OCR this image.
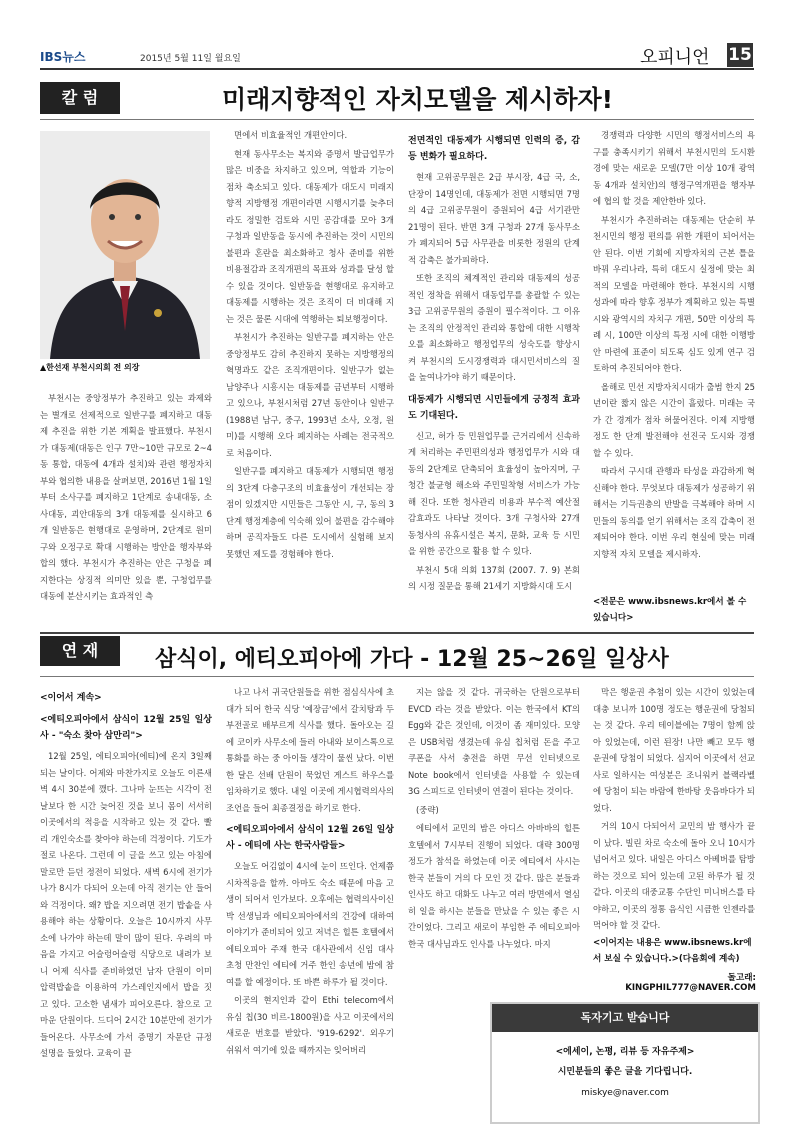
IBS뉴스	2015년 5월 11일 월요일	오피니언 15
칼 럼	미래지향적인 자치모델을 제시하자!
▲한선재 부천시의회 전 의장

부천시는 중앙정부가 추진하고 있는 과제와는 별개로 선제적으로 일반구를 폐지하고 대동제 추진을 위한 기본 계획을 발표했다. 부천시가 대동제(대동은 인구 7만~10만 규모로 2~4동 통합, 대동에 4개과 설치)와 관련 행정자치부와 협의한 내용을 살펴보면, 2016년 1월 1일부터 소사구를 폐지하고 1단계로 송내대동, 소사대동, 괴안대동의 3개 대동제를 실시하고 6개 일반동은 현행대로 운영하며, 2단계로 원미구와 오정구로 확대 시행하는 방안을 행자부와 합의 했다. 부천시가 추진하는 안은 구청을 폐지한다는 상징적 의미만 있을 뿐, 구청업무를 대동에 분산시키는 효과적인 측

면에서 비효율적인 개편안이다.

현재 동사무소는 복지와 증명서 발급업무가 많은 비중을 차지하고 있으며, 역할과 기능이 점차 축소되고 있다. 대동제가 대도시 미래지향적 지방행정 개편이라면 시행시기를 늦추더라도 정밀한 검토와 시민 공감대를 모아 3개 구청과 일반동을 동시에 추진하는 것이 시민의 불편과 혼란을 최소화하고 청사 준비를 위한 비용절감과 조직개편의 목표와 성과를 달성 할 수 있을 것이다. 일반동을 현행대로 유지하고 대동제를 시행하는 것은 조직이 더 비대해 지는 것은 물론 시대에 역행하는 퇴보행정이다.

부천시가 추진하는 일반구를 폐지하는 안은 중앙정부도 감히 추진하지 못하는 지방행정의 혁명과도 같은 조직개편이다. 일반구가 없는 남양주나 시흥시는 대동제를 금년부터 시행하고 있으나, 부천시처럼 27년 동안이나 일반구(1988년 남구, 중구, 1993년 소사, 오정, 원미)를 시행해 오다 폐지하는 사례는 전국적으로 처음이다.

일반구를 폐지하고 대동제가 시행되면 행정의 3단계 다층구조의 비효율성이 개선되는 장점이 있겠지만 시민들은 그동안 시, 구, 동의 3단계 행정계층에 익숙해 있어 불편을 감수해야 하며 공직자들도 다른 도시에서 실험해 보지 못했던 제도를 경험해야 한다.

전면적인 대동제가 시행되면 인력의 증, 감 등 변화가 필요하다.

현재 고위공무원은 2급 부시장, 4급 국, 소, 단장이 14명인데, 대동제가 전면 시행되면 7명의 4급 고위공무원이 증원되어 4급 서기관만 21명이 된다. 반면 3개 구청과 27개 동사무소가 폐지되어 5급 사무관을 비롯한 정원의 단계적 감축은 불가피하다.

또한 조직의 체계적인 관리와 대동제의 성공적인 정착을 위해서 대동업무를 총괄할 수 있는 3급 고위공무원의 증원이 필수적이다. 그 이유는 조직의 안정적인 관리와 통합에 대한 시행착오를 최소화하고 행정업무의 성숙도를 향상시켜 부천시의 도시경쟁력과 대시민서비스의 질을 높여나가야 하기 때문이다.

대동제가 시행되면 시민들에게 긍정적 효과도 기대된다.

신고, 허가 등 민원업무를 근거리에서 신속하게 처리하는 주민편의성과 행정업무가 시와 대동의 2단계로 단축되어 효율성이 높아지며, 구청간 불균형 해소와 주민밀착형 서비스가 가능해 진다. 또한 청사관리 비용과 부수적 예산절감효과도 나타날 것이다. 3개 구청사와 27개 동청사의 유휴시설은 복지, 문화, 교육 등 시민을 위한 공간으로 활용 할 수 있다.

부천시 5대 의회 137회 (2007. 7. 9) 본회의 시정 질문을 통해 21세기 지방화시대 도시

경쟁력과 다양한 시민의 행정서비스의 욕구를 충족시키기 위해서 부천시민의 도시환경에 맞는 새로운 모델(7만 이상 10개 광역동 4개과 설치안)의 행정구역개편을 행자부에 협의 할 것을 제안한바 있다.

부천시가 추진하려는 대동제는 단순히 부천시민의 행정 편의를 위한 개편이 되어서는 안 된다. 이번 기회에 지방자치의 근본 틀을 바꿔 우리나라, 특히 대도시 실정에 맞는 최적의 모델을 마련해야 한다. 부천시의 시행 성과에 따라 향후 정부가 계획하고 있는 특별시와 광역시의 자치구 개편, 50만 이상의 특례 시, 100만 이상의 특정 시에 대한 이행방안 마련에 표준이 되도록 심도 있게 연구 검토하여 추진되어야 한다.

올해로 민선 지방자치시대가 출범 한지 25년이란 짧지 않은 시간이 흘렀다. 미래는 국가 간 경계가 점차 허물어진다. 이제 지방행정도 한 단계 발전해야 선진국 도시와 경쟁 할 수 있다.

따라서 구시대 관행과 타성을 과감하게 혁신해야 한다. 무엇보다 대동제가 성공하기 위해서는 기득권층의 반발을 극복해야 하며 시민들의 동의를 얻기 위해서는 조직 갑축이 전제되어야 한다. 이번 우리 현실에 맞는 미래지향적 자치 모델을 제시하자.

<전문은 www.ibsnews.kr에서 볼 수 있습니다>
연 재	삼식이, 에티오피아에 가다 - 12월 25~26일 일상사

<이어서 계속>

<에티오피아에서 삼식이 12월 25일 일상사 - "숙소 찾아 삼만리">

12월 25일, 에티오피아(에티)에 온지 3일째 되는 날이다. 어제와 마찬가지로 오늘도 이른새벽 4시 30분에 깼다. 그나마 눈뜨는 시각이 전날보다 한 시간 늦어진 것을 보니 몸이 서서히 이곳에서의 적응을 시작하고 있는 것 같다. 빨리 개인숙소를 찾아야 하는데 걱정이다. 기도가 절로 나온다. 그런데 이 글을 쓰고 있는 아침에 말로만 듣던 정전이 되었다. 새벽 6시에 전기가 나가 8시가 다되어 오는데 아직 전기는 안 들어와 걱정이다. 왜? 밥을 지으려면 전기 밥솥을 사용해야 하는 상황이다. 오늘은 10시까지 사무소에 나가야 하는데 말이 많이 된다. 우려의 마음을 가지고 어슬렁어슬렁 식당으로 내려가 보니 어제 식사를 준비하였던 남자 단원이 이미 압력밥솥을 이용하여 가스레인지에서 밥을 짓고 있다. 고소한 냄새가 피어오른다. 참으로 고마운 단원이다. 드디어 2시간 10분만에 전기가 들어온다. 사무소에 가서 증명기 자문단 규정 설명을 들었다. 교육이 끝

나고 나서 귀국단원들을 위한 점심식사에 초대가 되어 한국 식당 '예장금'에서 갈치탕과 두부전골로 배부르게 식사를 했다. 돌아오는 길에 코이카 사무소에 들러 아내와 보이스톡으로 통화를 하는 중 아이들 생각이 물씬 났다. 이번 한 달은 선배 단원이 묵었던 게스트 하우스를 임차하기로 했다. 내일 이곳에 게시협력의사의 조언을 들어 최종결정을 하기로 한다.

<에티오피아에서 삼식이 12월 26일 일상사 - 에티에 사는 한국사람들>

오늘도 어김없이 4시에 눈이 뜨인다. 언제쯤 시차적응을 할까. 아마도 숙소 때문에 마음 고생이 되어서 인가보다. 오후에는 협력의사이신 박 선생님과 에티오피아에서의 건강에 대하여 이야기가 준비되어 있고 저녁은 힐튼 호텔에서 에티오피아 주재 한국 대사관에서 신임 대사 초청 만찬인 에티에 거주 한인 송년에 밤에 참여를 할 예정이다. 또 바쁜 하루가 될 것이다.

이곳의 현지인과 같이 Ethi telecom에서 유심 칩(30 비르-1800원)을 사고 이곳에서의 새로운 번호를 받았다. '919-6292'. 외우기 쉬워서 여기에 있을 때까지는 잊어버리

지는 않을 것 같다. 귀국하는 단원으로부터 EVCD 라는 것을 받았다. 이는 한국에서 KT의 Egg와 같은 것인데, 이것이 좀 재미있다. 모양은 USB처럼 생겼는데 유심 칩처럼 돈을 주고 쿠폰을 사서 충전을 하면 무선 인터넷으로 Note book에서 인터넷을 사용할 수 있는데 3G 스피드로 인터넷이 연결이 된다는 것이다.

(중략)

에티에서 교민의 밤은 아디스 아바바의 힐튼 호텔에서 7시부터 진행이 되었다. 대략 300명 정도가 참석을 하였는데 이곳 에티에서 사시는 한국 분들이 거의 다 모인 것 같다. 많은 분들과 인사도 하고 대화도 나누고 여러 방면에서 열심히 일을 하시는 분들을 만났을 수 있는 좋은 시간이었다. 그리고 새로이 부임한 주 에티오피아 한국 대사님과도 인사를 나누었다. 마지

막은 행운권 추첨이 있는 시간이 있었는데 대충 보니까 100명 정도는 행운권에 당첨되는 것 같다. 우리 테이블에는 7명이 함께 앉아 있었는데, 이런 된장! 나만 빼고 모두 행운권에 당첨이 되었다. 심지어 이곳에서 선교사로 일하시는 여성분은 조니워커 블랙라벨에 당첨이 되는 바람에 한바탕 웃음바다가 되었다.

거의 10시 다되어서 교민의 밤 행사가 끝이 났다. 빌린 차로 숙소에 돌아 오니 10시가 넘어서고 있다. 내일은 아디스 아베버를 탐방하는 것으로 되어 있는데 고된 하루가 될 것 같다. 이곳의 대중교통 수단인 미니버스를 타야하고, 이곳의 정통 음식인 시큼한 인젠라를 먹어야 할 것 같다.

<이어지는 내용은 www.ibsnews.kr에서 보실 수 있습니다.>(다음회에 계속)
돌고래: KINGPHIL777@NAVER.COM
독자기고 받습니다
<에세이, 논평, 리뷰 등 자유주제>
시민분들의 좋은 글을 기다립니다.
miskye@naver.com
